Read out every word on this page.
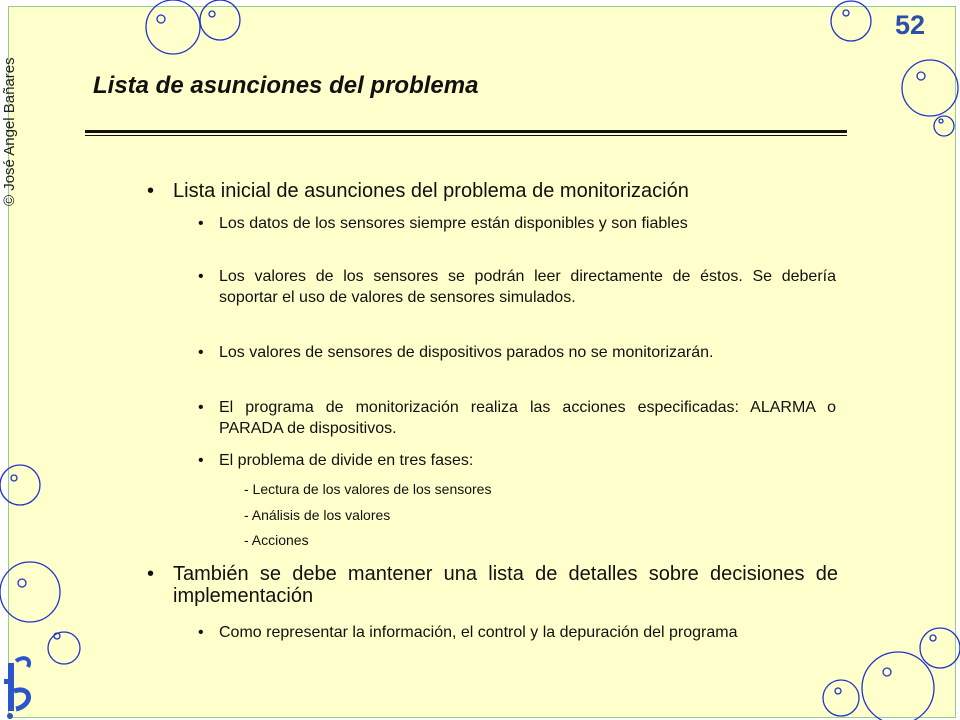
52
© José Angel Bañares	Lista de asunciones del problema
• Lista inicial de asunciones del problema de monitorización
• Los datos de los sensores siempre están disponibles y son fiables
• Los valores de los sensores se podrán leer directamente de éstos. Se debería soportar el uso de valores de sensores simulados.
• Los valores de sensores de dispositivos parados no se monitorizarán.
• El programa de monitorización realiza las acciones especificadas: ALARMA o PARADA de dispositivos.
• El problema de divide en tres fases:
- Lectura de los valores de los sensores
- Análisis de los valores
- Acciones
• También se debe mantener una lista de detalles sobre decisiones de implementación
• Como representar la información, el control y la depuración del programa
